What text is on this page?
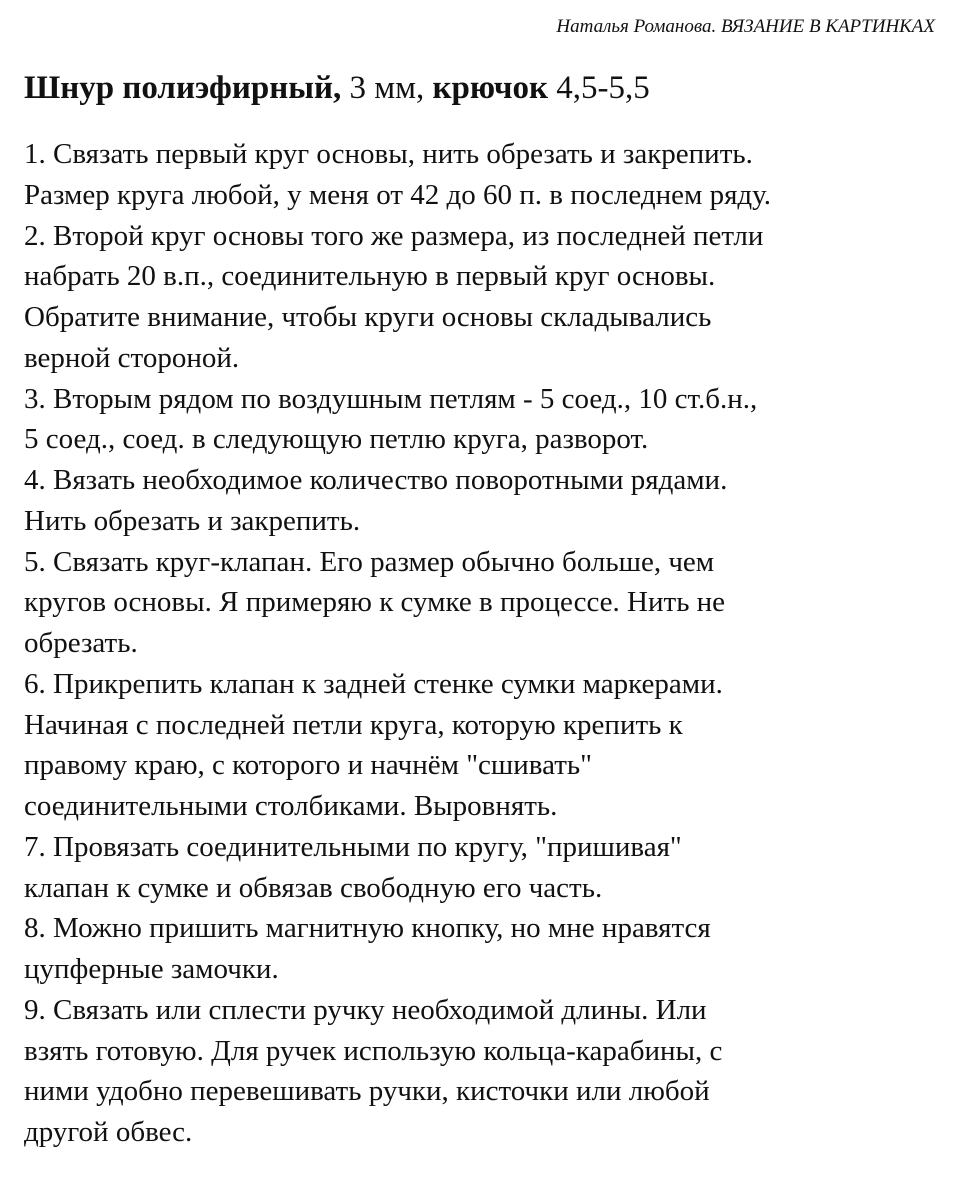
Наталья Романова. ВЯЗАНИЕ В КАРТИНКАХ
Шнур полиэфирный, 3 мм, крючок 4,5-5,5
1. Связать первый круг основы, нить обрезать и закрепить.
Размер круга любой, у меня от 42 до 60 п. в последнем ряду.
2. Второй круг основы того же размера, из последней петли
набрать 20 в.п., соединительную в первый круг основы.
Обратите внимание, чтобы круги основы складывались
верной стороной.
3. Вторым рядом по воздушным петлям - 5 соед., 10 ст.б.н.,
5 соед., соед. в следующую петлю круга, разворот.
4. Вязать необходимое количество поворотными рядами.
Нить обрезать и закрепить.
5. Связать круг-клапан. Его размер обычно больше, чем
кругов основы. Я примеряю к сумке в процессе. Нить не
обрезать.
6. Прикрепить клапан к задней стенке сумки маркерами.
Начиная с последней петли круга, которую крепить к
правому краю, с которого и начнём "сшивать"
соединительными столбиками. Выровнять.
7. Провязать соединительными по кругу, "пришивая"
клапан к сумке и обвязав свободную его часть.
8. Можно пришить магнитную кнопку, но мне нравятся
цупферные замочки.
9. Связать или сплести ручку необходимой длины. Или
взять готовую. Для ручек использую кольца-карабины, с
ними удобно перевешивать ручки, кисточки или любой
другой обвес.
